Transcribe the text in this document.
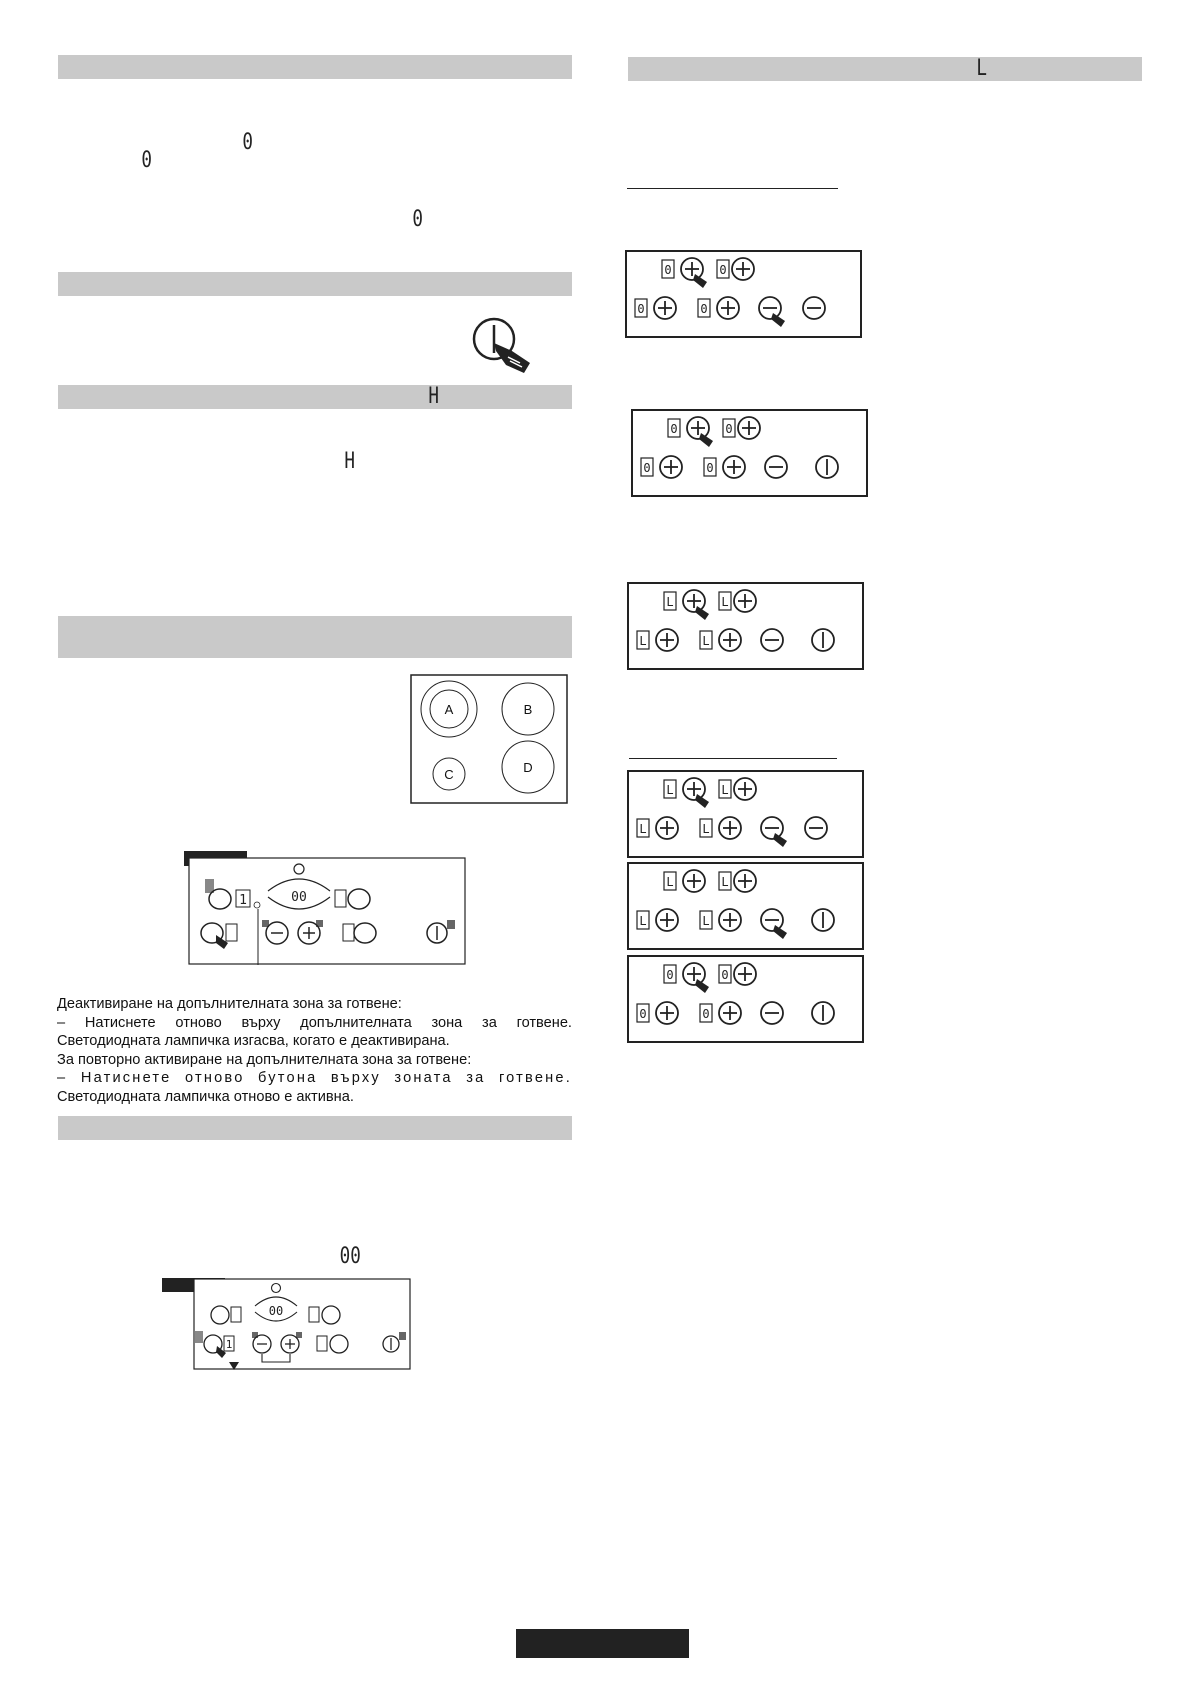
0
0
0
H
H
A	B
C	D
1	00
Деактивиране на допълнителната зона за готвене:
– Натиснете отново върху допълнителната зона за готвене.
Светодиодната лампичка изгасва, когато е деактивирана.
За повторно активиране на допълнителната зона за готвене:
– Натиснете отново бутона върху зоната за готвене.
Светодиодната лампичка отново е активна.
00
00
1
L
0	0
0	0
0	0
0	0
L	L
L	L
L	L
L	L
L	L
L	L
0	0
0	0
